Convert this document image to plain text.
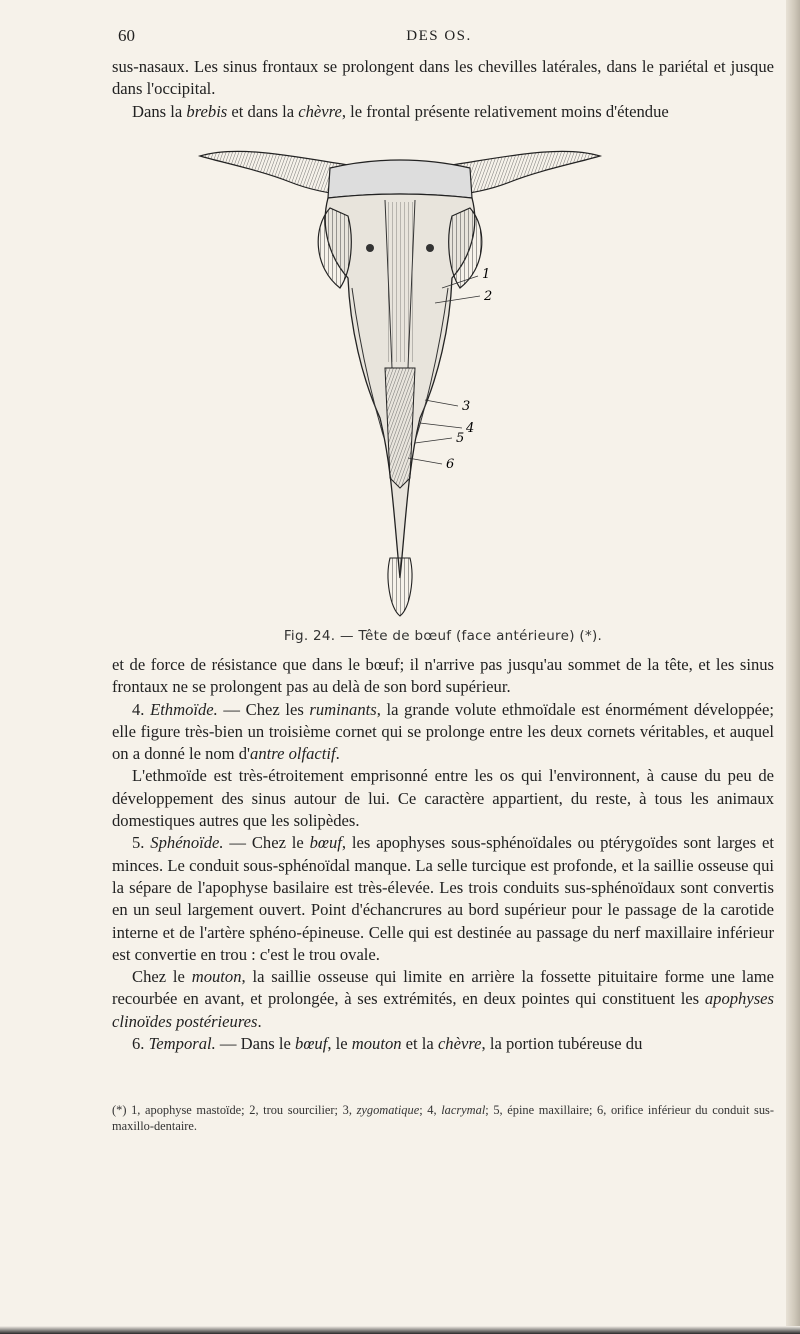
60	DES OS.

sus-nasaux. Les sinus frontaux se prolongent dans les chevilles latérales, dans le pariétal et jusque dans l'occipital.

Dans la brebis et dans la chèvre, le frontal présente relativement moins d'étendue

1
2
3
4
5
6
Fig. 24. — Tête de bœuf (face antérieure) (*).

et de force de résistance que dans le bœuf; il n'arrive pas jusqu'au sommet de la tête, et les sinus frontaux ne se prolongent pas au delà de son bord supérieur.

4. Ethmoïde. — Chez les ruminants, la grande volute ethmoïdale est énormément développée; elle figure très-bien un troisième cornet qui se prolonge entre les deux cornets véritables, et auquel on a donné le nom d'antre olfactif.

L'ethmoïde est très-étroitement emprisonné entre les os qui l'environnent, à cause du peu de développement des sinus autour de lui. Ce caractère appartient, du reste, à tous les animaux domestiques autres que les solipèdes.

5. Sphénoïde. — Chez le bœuf, les apophyses sous-sphénoïdales ou ptérygoïdes sont larges et minces. Le conduit sous-sphénoïdal manque. La selle turcique est profonde, et la saillie osseuse qui la sépare de l'apophyse basilaire est très-élevée. Les trois conduits sus-sphénoïdaux sont convertis en un seul largement ouvert. Point d'échancrures au bord supérieur pour le passage de la carotide interne et de l'artère sphéno-épineuse. Celle qui est destinée au passage du nerf maxillaire inférieur est convertie en trou : c'est le trou ovale.

Chez le mouton, la saillie osseuse qui limite en arrière la fossette pituitaire forme une lame recourbée en avant, et prolongée, à ses extrémités, en deux pointes qui constituent les apophyses clinoïdes postérieures.

6. Temporal. — Dans le bœuf, le mouton et la chèvre, la portion tubéreuse du

(*) 1, apophyse mastoïde; 2, trou sourcilier; 3, zygomatique; 4, lacrymal; 5, épine maxillaire; 6, orifice inférieur du conduit sus-maxillo-dentaire.
